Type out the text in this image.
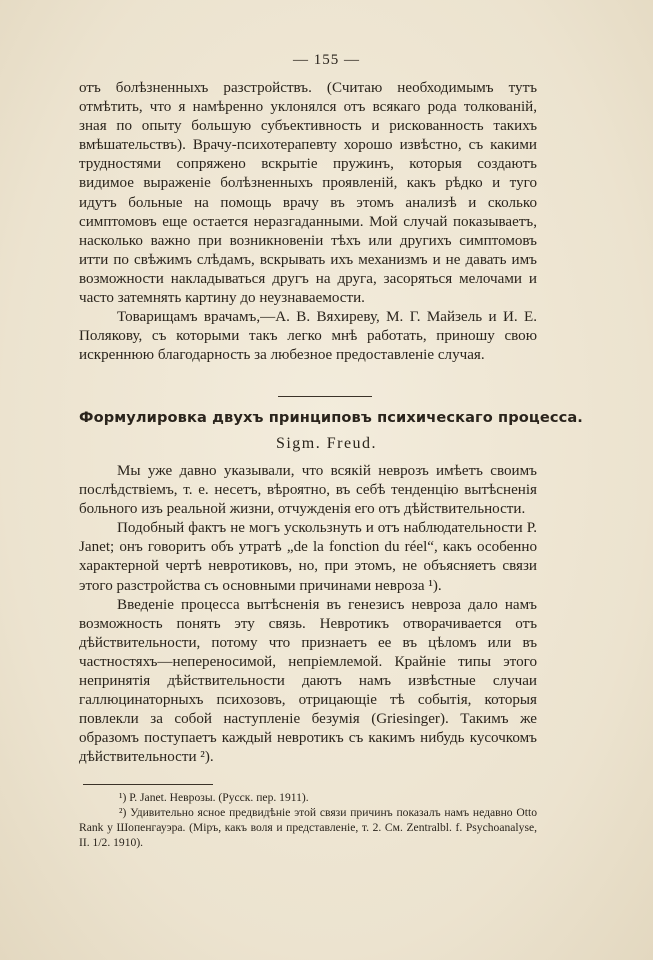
— 155 —

отъ болѣзненныхъ разстройствъ. (Считаю необходимымъ тутъ отмѣтить, что я намѣренно уклонялся отъ всякаго рода толкованій, зная по опыту большую субъективность и рискованность такихъ вмѣшательствъ). Врачу-психотерапевту хорошо извѣстно, съ какими трудностями сопряжено вскрытіе пружинъ, которыя создаютъ видимое выраженіе болѣзненныхъ проявленій, какъ рѣдко и туго идутъ больные на помощь врачу въ этомъ анализѣ и сколько симптомовъ еще остается неразгаданными. Мой случай показываетъ, насколько важно при возникновеніи тѣхъ или другихъ симптомовъ итти по свѣжимъ слѣдамъ, вскрывать ихъ механизмъ и не давать имъ возможности накладываться другъ на друга, засоряться мелочами и часто затемнять картину до неузнаваемости.

Товарищамъ врачамъ,—А. В. Вяхиреву, М. Г. Майзель и И. Е. Полякову, съ которыми такъ легко мнѣ работать, приношу свою искреннюю благодарность за любезное предоставленіе случая.

Формулировка двухъ принциповъ психическаго процесса.
Sigm. Freud.

Мы уже давно указывали, что всякій неврозъ имѣетъ своимъ послѣдствіемъ, т. е. несетъ, вѣроятно, въ себѣ тенденцію вытѣсненія больного изъ реальной жизни, отчужденія его отъ дѣйствительности.

Подобный фактъ не могъ ускользнуть и отъ наблюдательности Р. Janet; онъ говоритъ объ утратѣ „de la fonction du réel“, какъ особенно характерной чертѣ невротиковъ, но, при этомъ, не объясняетъ связи этого разстройства съ основными причинами невроза ¹).

Введеніе процесса вытѣсненія въ генезисъ невроза дало намъ возможность понять эту связь. Невротикъ отворачивается отъ дѣйствительности, потому что признаетъ ее въ цѣломъ или въ частностяхъ—непереносимой, непріемлемой. Крайніе типы этого непринятія дѣйствительности даютъ намъ извѣстные случаи галлюцинаторныхъ психозовъ, отрицающіе тѣ событія, которыя повлекли за собой наступленіе безумія (Griesinger). Такимъ же образомъ поступаетъ каждый невротикъ съ какимъ нибудь кусочкомъ дѣйствительности ²).

¹) Р. Janet. Неврозы. (Русск. пер. 1911).

²) Удивительно ясное предвидѣніе этой связи причинъ показалъ намъ недавно Otto Rank у Шопенгауэра. (Міръ, какъ воля и представленіе, т. 2. См. Zentralbl. f. Psychoanalyse, II. 1/2. 1910).
